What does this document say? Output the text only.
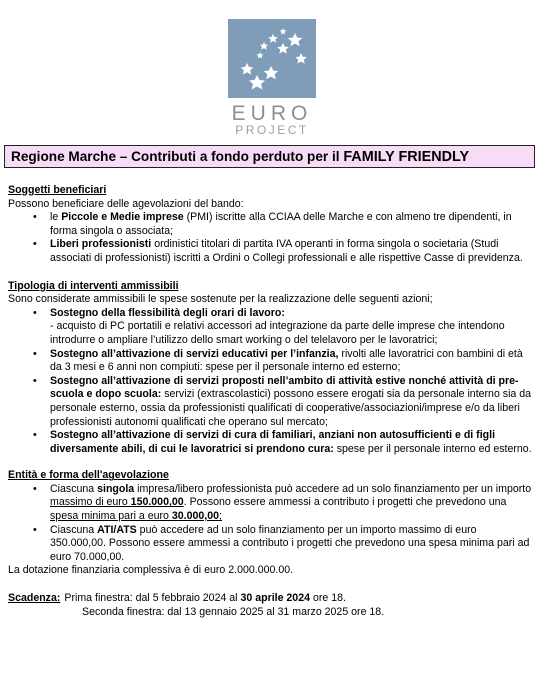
EURO
PROJECT
Regione Marche – Contributi a fondo perduto per il FAMILY FRIENDLY
Soggetti beneficiari

Possono beneficiare delle agevolazioni del bando:

• le Piccole e Medie imprese (PMI) iscritte alla CCIAA delle Marche e con almeno tre dipendenti, in forma singola o associata;
• Liberi professionisti ordinistici titolari di partita IVA operanti in forma singola o societaria (Studi associati di professionisti) iscritti a Ordini o Collegi professionali e alle rispettive Casse di previdenza.
Tipologia di interventi ammissibili

Sono considerate ammissibili le spese sostenute per la realizzazione delle seguenti azioni;

• Sostegno della flessibilità degli orari di lavoro:
- acquisto di PC portatili e relativi accessori ad integrazione da parte delle imprese che intendono introdurre o ampliare l’utilizzo dello smart working o del telelavoro per le lavoratrici;
• Sostegno all’attivazione di servizi educativi per l’infanzia, rivolti alle lavoratrici con bambini di età da 3 mesi e 6 anni non compiuti: spese per il personale interno ed esterno;
• Sostegno all’attivazione di servizi proposti nell’ambito di attività estive nonché attività di pre-scuola e dopo scuola: servizi (extrascolastici) possono essere erogati sia da personale interno sia da personale esterno, ossia da professionisti qualificati di cooperative/associazioni/imprese e/o da liberi professionisti autonomi qualificati che operano sul mercato;
• Sostegno all’attivazione di servizi di cura di familiari, anziani non autosufficienti e di figli diversamente abili, di cui le lavoratrici si prendono cura: spese per il personale interno ed esterno.
Entità e forma dell'agevolazione
• Ciascuna singola impresa/libero professionista può accedere ad un solo finanziamento per un importo massimo di euro 150.000,00. Possono essere ammessi a contributo i progetti che prevedono una spesa minima pari a euro 30.000,00;
• Ciascuna ATI/ATS può accedere ad un solo finanziamento per un importo massimo di euro 350.000,00. Possono essere ammessi a contributo i progetti che prevedono una spesa minima pari ad euro 70.000,00.

La dotazione finanziaria complessiva è di euro 2.000.000.00.

Scadenza: Prima finestra: dal 5 febbraio 2024 al 30 aprile 2024 ore 18.
Seconda finestra: dal 13 gennaio 2025 al 31 marzo 2025 ore 18.
